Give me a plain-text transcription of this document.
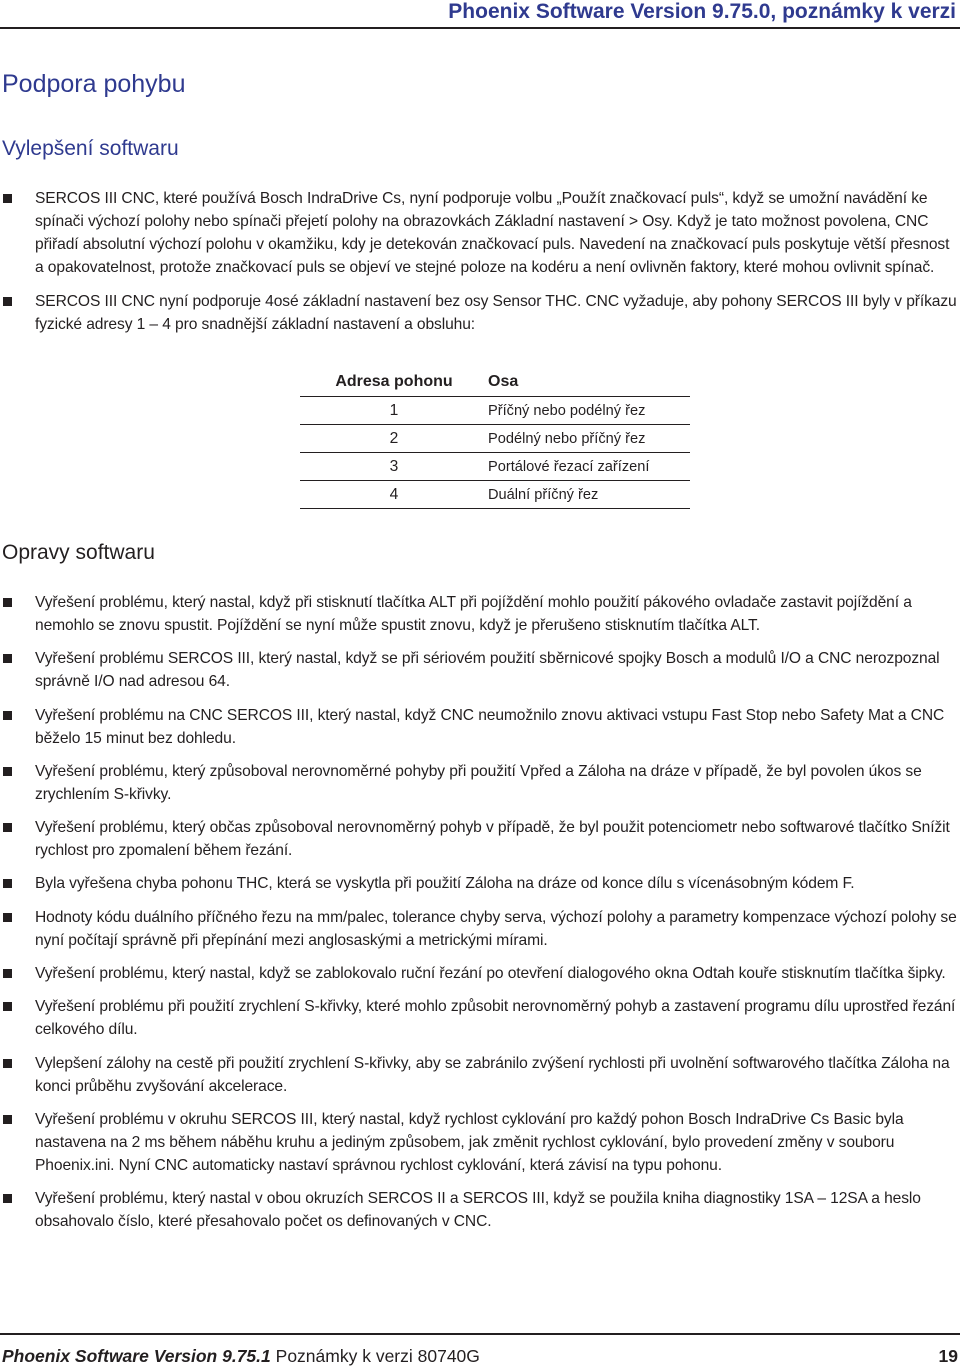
Phoenix Software Version 9.75.0, poznámky k verzi
Podpora pohybu
Vylepšení softwaru
SERCOS III CNC, které používá Bosch IndraDrive Cs, nyní podporuje volbu „Použít značkovací puls“, když se umožní navádění ke spínači výchozí polohy nebo spínači přejetí polohy na obrazovkách Základní nastavení > Osy. Když je tato možnost povolena, CNC přiřadí absolutní výchozí polohu v okamžiku, kdy je detekován značkovací puls. Navedení na značkovací puls poskytuje větší přesnost a opakovatelnost, protože značkovací puls se objeví ve stejné poloze na kodéru a není ovlivněn faktory, které mohou ovlivnit spínač.
SERCOS III CNC nyní podporuje 4osé základní nastavení bez osy Sensor THC. CNC vyžaduje, aby pohony SERCOS III byly v příkazu fyzické adresy 1 – 4 pro snadnější základní nastavení a obsluhu:
Adresa pohonu	Osa
1	Příčný nebo podélný řez
2	Podélný nebo příčný řez
3	Portálové řezací zařízení
4	Duální příčný řez
Opravy softwaru
Vyřešení problému, který nastal, když při stisknutí tlačítka ALT při pojíždění mohlo použití pákového ovladače zastavit pojíždění a nemohlo se znovu spustit. Pojíždění se nyní může spustit znovu, když je přerušeno stisknutím tlačítka ALT.
Vyřešení problému SERCOS III, který nastal, když se při sériovém použití sběrnicové spojky Bosch a modulů I/O a CNC nerozpoznal správně I/O nad adresou 64.
Vyřešení problému na CNC SERCOS III, který nastal, když CNC neumožnilo znovu aktivaci vstupu Fast Stop nebo Safety Mat a CNC běželo 15 minut bez dohledu.
Vyřešení problému, který způsoboval nerovnoměrné pohyby při použití Vpřed a Záloha na dráze v případě, že byl povolen úkos se zrychlením S-křivky.
Vyřešení problému, který občas způsoboval nerovnoměrný pohyb v případě, že byl použit potenciometr nebo softwarové tlačítko Snížit rychlost pro zpomalení během řezání.
Byla vyřešena chyba pohonu THC, která se vyskytla při použití Záloha na dráze od konce dílu s vícenásobným kódem F.
Hodnoty kódu duálního příčného řezu na mm/palec, tolerance chyby serva, výchozí polohy a parametry kompenzace výchozí polohy se nyní počítají správně při přepínání mezi anglosaskými a metrickými mírami.
Vyřešení problému, který nastal, když se zablokovalo ruční řezání po otevření dialogového okna Odtah kouře stisknutím tlačítka šipky.
Vyřešení problému při použití zrychlení S-křivky, které mohlo způsobit nerovnoměrný pohyb a zastavení programu dílu uprostřed řezání celkového dílu.
Vylepšení zálohy na cestě při použití zrychlení S-křivky, aby se zabránilo zvýšení rychlosti při uvolnění softwarového tlačítka Záloha na konci průběhu zvyšování akcelerace.
Vyřešení problému v okruhu SERCOS III, který nastal, když rychlost cyklování pro každý pohon Bosch IndraDrive Cs Basic byla nastavena na 2 ms během náběhu kruhu a jediným způsobem, jak změnit rychlost cyklování, bylo provedení změny v souboru Phoenix.ini. Nyní CNC automaticky nastaví správnou rychlost cyklování, která závisí na typu pohonu.
Vyřešení problému, který nastal v obou okruzích SERCOS II a SERCOS III, když se použila kniha diagnostiky 1SA – 12SA a heslo obsahovalo číslo, které přesahovalo počet os definovaných v CNC.
Phoenix Software Version 9.75.1 Poznámky k verzi 80740G	19
